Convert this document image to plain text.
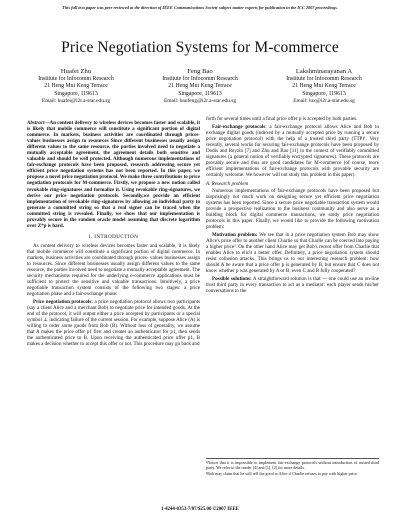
This full text paper was peer reviewed at the direction of IEEE Communications Society subject matter experts for publication in the ICC 2007 proceedings.
Price Negotiation Systems for M-commerce
Huafei Zhu
Institute for Infocomm Research
21 Heng Mui Keng Terrace
Singapore, 119613
Email: huafei@i2r.a-star.edu.sg
Feng Bao
Institute for Infocomm Research
21 Heng Mui Keng Terrace
Singapore, 119613
Email: baofeng@i2r.a-star.edu.sg
Lakshminarayanan A
Institute for Infocomm Research
21 Heng Mui Keng Terrace
Singapore, 119613
Email: lux@i2r.a-star.edu.sg
Abstract—An content delivery to wireless devices becomes faster and scalable, it is likely that mobile commerce will constitute a significant portion of digital commerce. In markets, business activities are coordinated through prices- values businesses assign to resources Since different businesses usually assign different values to the same resource, the parties involved need to negotiate a mutually acceptable agreement, the agreement details both sensitive and valuable and should be well protected. Although numerous implementations of fair-exchange protocols have been proposed, research addressing secure yet efficient price negotiation systems has not been reported. In this paper, we propose a novel price negotiation protocol. We make three contributions to price negotiation protocols for M-commerce. Firstly, we propose a new notion called revokable ring-signatures and formalize it. Using revokable ring-signatures, we derive our price negotiation protocols. Secondly,we provide an efficient implementation of revokable ring-signatures by allowing an individual party to generate a committed string so that a real signer can be traced when the committed string is revealed. Finally, we show that our implementation is provably secure in the random oracle model assuming that discrete logarithm over Z*p is hard.
I. INTRODUCTION
As content delivery to wireless devices becomes faster and scalable, it is likely that mobile commerce will constitute a significant portion of digital commerce. In markets, business activities are coordinated through prices- values businesses assign to resources. Since different businesses usually assign different values to the same resource, the parties involved need to negotiate a mutually acceptable agreement. The security mechanisms required for the underlying e-commerce applications must be sufficient to protect the sensitive and valuable transactions. Intuitively, a price negotiable transaction system consists of the following two stages: a price negotiation phase and a fair-exchange phase:
Price negotiation protocols: a price negotiation protocol allows two participants (say a client Alice and a merchant Bob) to negotiate price for intended goods. At the end of the protocol, it will output either a price accepted by participants or a special symbol ⊥ indicating failure of the current session. For example, suppose Alice (A) is willing to order some goods from Bob (B). Without loss of generality, we assume that A makes the price offer p1 first and creates an authenticator for p1, then sends the authenticated price to B. Upon receiving the authenticated price offer p1, B makes a decision whether to accept this offer or not. This procedure may go back and
forth for several times until a final price offer p is accepted by both parties.
Fair-exchange protocols: a fair-exchange protocol allows Alice and Bob to exchange digital goods (indexed by a mutually accepted price by running a secure price negotiation protocol) with the help of a trusted third party (TTP)¹. Very recently, several works for securing fair-exchange protocols have been proposed by Dodis and Reyzin [7] and Zhu and Bao [11] in the context of verifiably committed signatures (a general notion of verifiably encrypted signatures). These protocols are provably secure and thus are good candidates for M-commerce (of course, more efficient implementations of fair-exchange protocols with provable security are certainly welcome. We however will not study this problem in this paper).
A. Research problem
Numerous implementations of fair-exchange protocols have been proposed but surprisingly not much work on designing secure yet efficient price negotiation systems has been reported. Since a secure price negotiable transaction system would provide a prospective realization to the business community and also serve as a building block for digital commerce transactions, we study price negotiation protocols in this paper. Finally, we would like to provide the following motivation problem:
Motivation problem: We see that in a price negotiation system Bob may show Alice's price offer to another client Charlie so that Charlie can be coerced into paying a higher price². On the other hand Alice may get Bob's recent offer from Charlie that enables Alice to elicit a better offer. Definitely, a price negotiation system should resist collusion attacks. This brings us to our interesting research problem: how should A be aware that a price offer p is generated by B, but ensure that C does not know whether p was generated by A or B, even C and B fully cooperated?
Possible solutions: A straightforward solution is that — one could use an on-line trust third party in every transaction to act as a mediator: each player sends his/her conversations to the
¹Notice that it is impossible to implement fair-exchange protocols without introduction of trusted third party. We refer to the reader [4] and [1], [2] for more details.
²Bob may claim that he will sell the good to Alice if Charlie refuses to pay with higher price.
1-4244-0353-7/07/$25.00 ©2007 IEEE
